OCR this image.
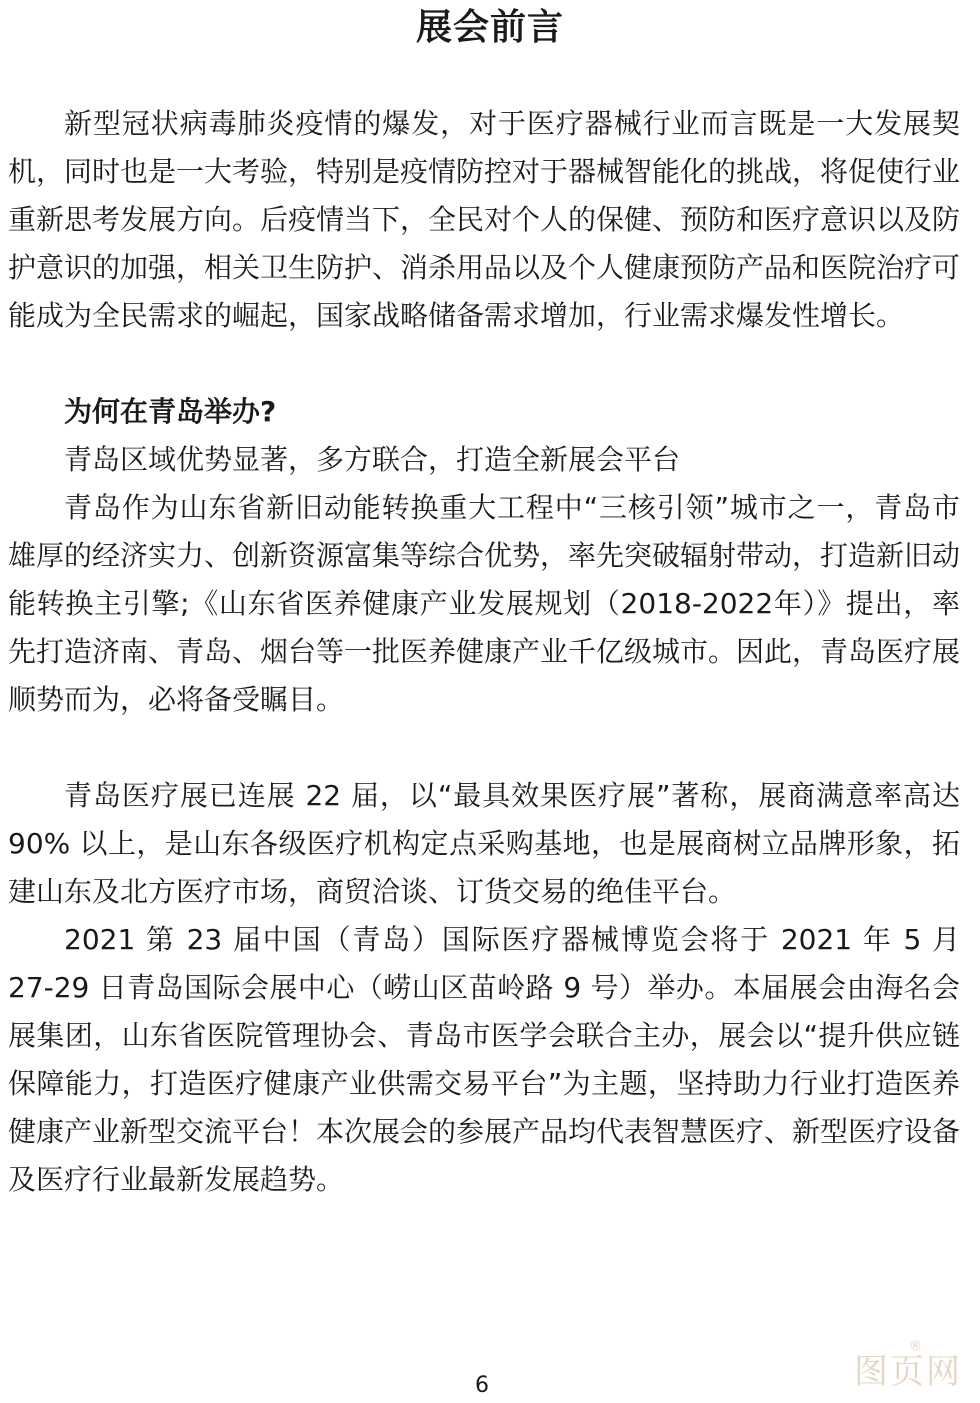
展会前言

新型冠状病毒肺炎疫情的爆发，对于医疗器械行业而言既是一大发展契机，同时也是一大考验，特别是疫情防控对于器械智能化的挑战，将促使行业重新思考发展方向。后疫情当下，全民对个人的保健、预防和医疗意识以及防护意识的加强，相关卫生防护、消杀用品以及个人健康预防产品和医院治疗可能成为全民需求的崛起，国家战略储备需求增加，行业需求爆发性增长。

为何在青岛举办?

青岛区域优势显著，多方联合，打造全新展会平台

青岛作为山东省新旧动能转换重大工程中“三核引领”城市之一，青岛市雄厚的经济实力、创新资源富集等综合优势，率先突破辐射带动，打造新旧动能转换主引擎;《山东省医养健康产业发展规划（2018-2022年）》提出，率先打造济南、青岛、烟台等一批医养健康产业千亿级城市。因此，青岛医疗展顺势而为，必将备受瞩目。

青岛医疗展已连展 22 届，以“最具效果医疗展”著称，展商满意率高达 90% 以上，是山东各级医疗机构定点采购基地，也是展商树立品牌形象，拓建山东及北方医疗市场，商贸洽谈、订货交易的绝佳平台。

2021 第 23 届中国（青岛）国际医疗器械博览会将于 2021 年 5 月 27-29 日青岛国际会展中心（崂山区苗岭路 9 号）举办。本届展会由海名会展集团，山东省医院管理协会、青岛市医学会联合主办，展会以“提升供应链保障能力，打造医疗健康产业供需交易平台”为主题，坚持助力行业打造医养健康产业新型交流平台！本次展会的参展产品均代表智慧医疗、新型医疗设备及医疗行业最新发展趋势。

图页网
®
6
